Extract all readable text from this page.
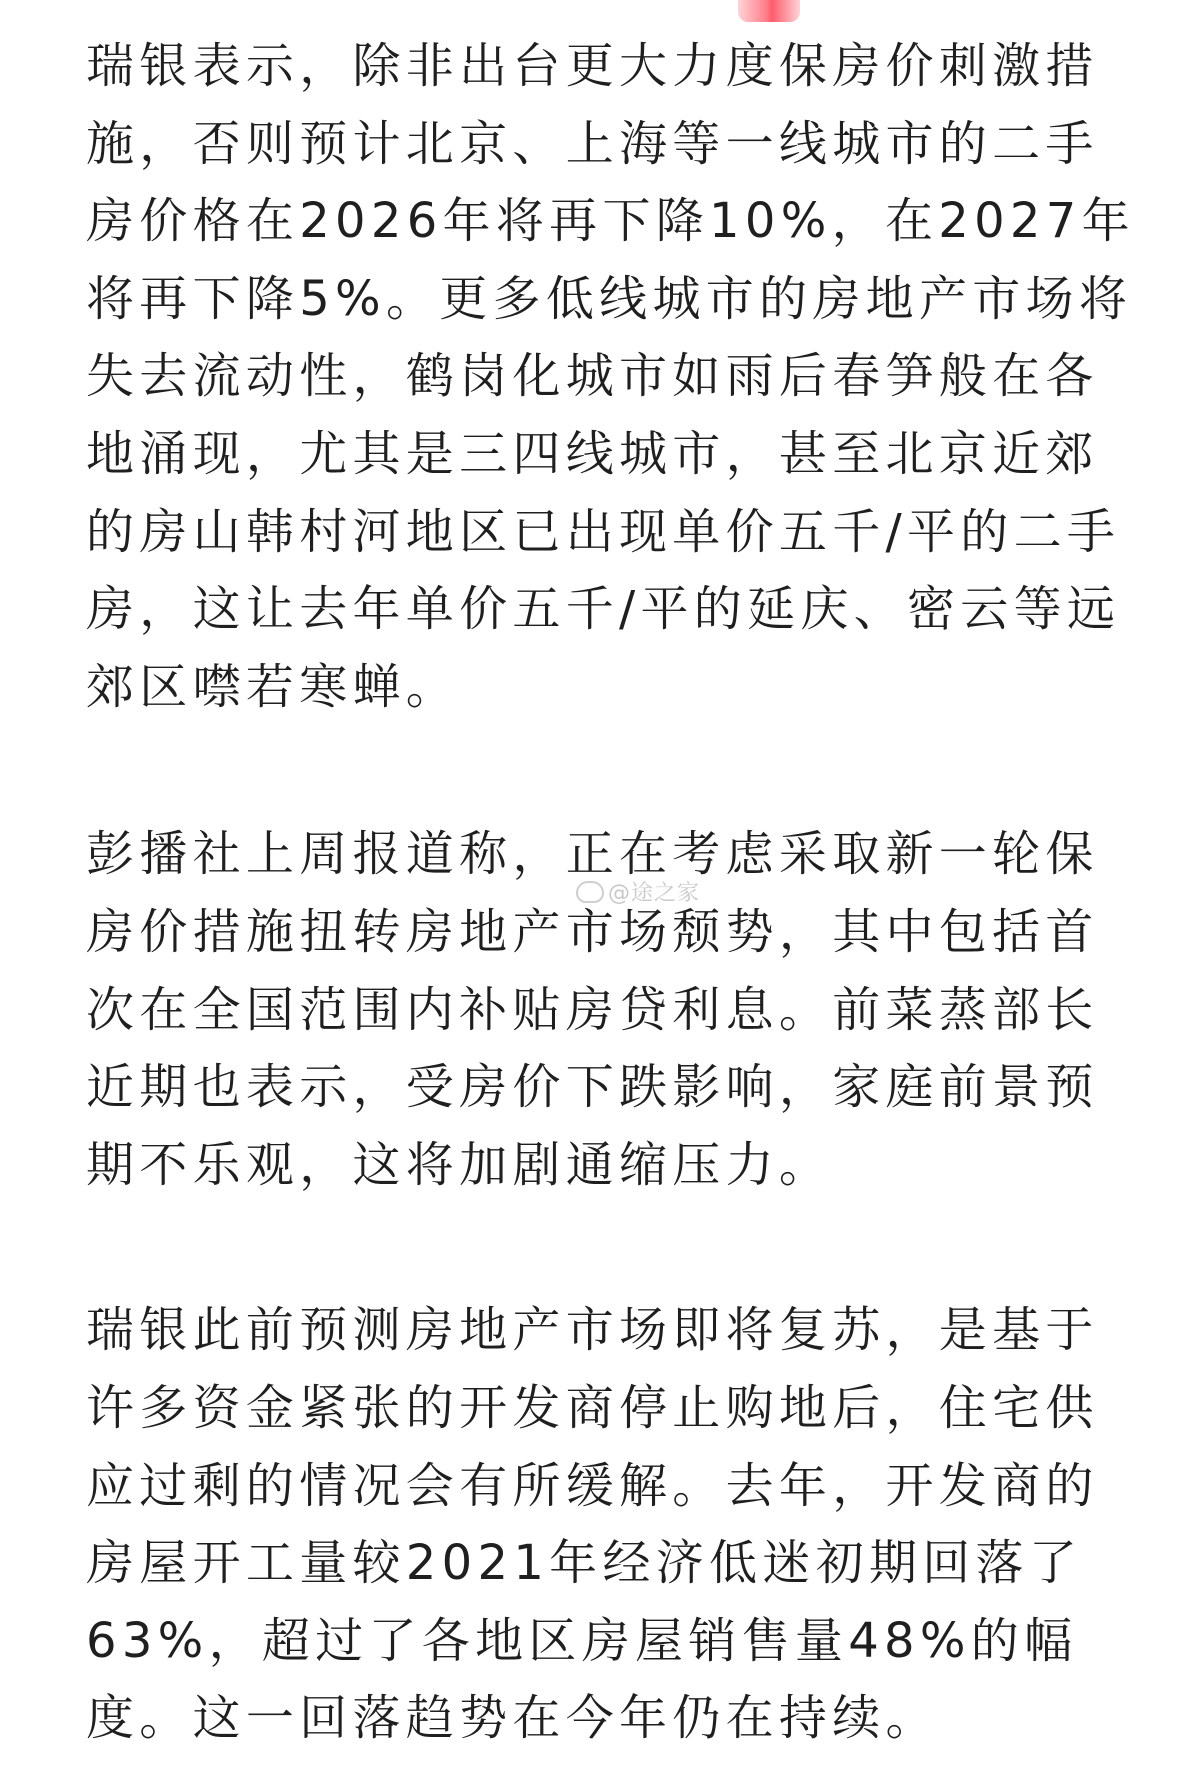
瑞银表示，除非出台更大力度保房价刺激措
施，否则预计北京、上海等一线城市的二手
房价格在2026年将再下降10%，在2027年
将再下降5%。更多低线城市的房地产市场将
失去流动性，鹤岗化城市如雨后春笋般在各
地涌现，尤其是三四线城市，甚至北京近郊
的房山韩村河地区已出现单价五千/平的二手
房，这让去年单价五千/平的延庆、密云等远
郊区噤若寒蝉。

彭播社上周报道称，正在考虑采取新一轮保
房价措施扭转房地产市场颓势，其中包括首
次在全国范围内补贴房贷利息。前菜蒸部长
近期也表示，受房价下跌影响，家庭前景预
期不乐观，这将加剧通缩压力。

瑞银此前预测房地产市场即将复苏，是基于
许多资金紧张的开发商停止购地后，住宅供
应过剩的情况会有所缓解。去年，开发商的
房屋开工量较2021年经济低迷初期回落了
63%，超过了各地区房屋销售量48%的幅
度。这一回落趋势在今年仍在持续。

@途之家
